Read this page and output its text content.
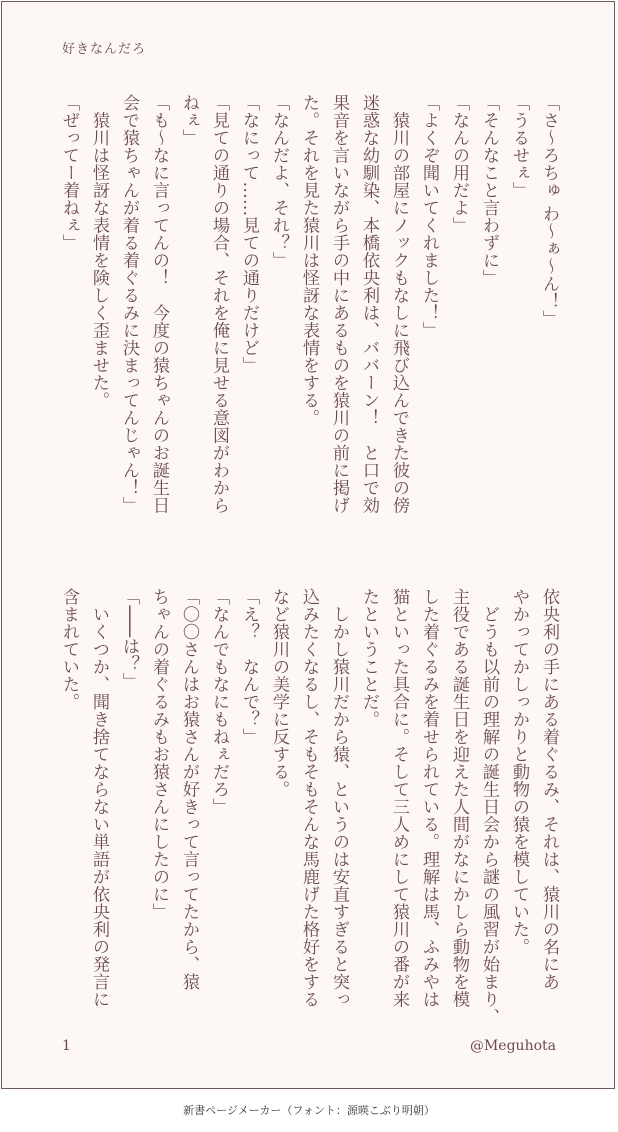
好きなんだろ
「さ〜ろちゅ わ〜ぁ〜ん！」
「うるせぇ」
「そんなこと言わずに」
「なんの用だよ」
「よくぞ聞いてくれました！」
　猿川の部屋にノックもなしに飛び込んできた彼の傍
迷惑な幼馴染、本橋依央利は、ババーン！　と口で効
果音を言いながら手の中にあるものを猿川の前に掲げ
た。それを見た猿川は怪訝な表情をする。
「なんだよ、それ？」
「なにって……見ての通りだけど」
「見ての通りの場合、それを俺に見せる意図がわから
ねぇ」
「も〜なに言ってんの！　今度の猿ちゃんのお誕生日
会で猿ちゃんが着る着ぐるみに決まってんじゃん！」
　猿川は怪訝な表情を険しく歪ませた。
「ぜってー着ねぇ」
依央利の手にある着ぐるみ、それは、猿川の名にあ
やかってかしっかりと動物の猿を模していた。
　どうも以前の理解の誕生日会から謎の風習が始まり、
主役である誕生日を迎えた人間がなにかしら動物を模
した着ぐるみを着せられている。理解は馬、ふみやは
猫といった具合に。そして三人めにして猿川の番が来
たということだ。
　しかし猿川だから猿、というのは安直すぎると突っ
込みたくなるし、そもそもそんな馬鹿げた格好をする
など猿川の美学に反する。
「え？　なんで？」
「なんでもなにもねぇだろ」
「〇〇さんはお猿さんが好きって言ってたから、猿
ちゃんの着ぐるみもお猿さんにしたのに」
「───は？」
　いくつか、聞き捨てならない単語が依央利の発言に
含まれていた。
1	@Meguhota
新書ページメーカー（フォント：源暎こぶり明朝）
